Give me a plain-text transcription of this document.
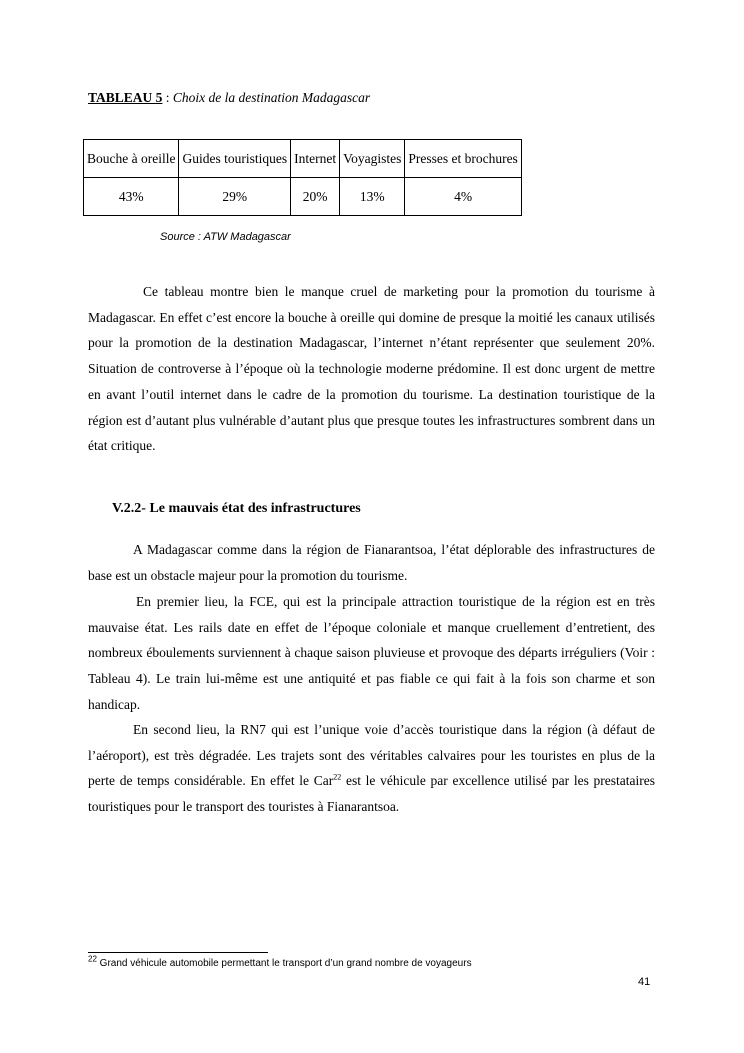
TABLEAU 5 : Choix de la destination Madagascar
Bouche à oreille	Guides touristiques	Internet	Voyagistes	Presses et brochures
43%	29%	20%	13%	4%
Source : ATW Madagascar

Ce tableau montre bien le manque cruel de marketing pour la promotion du tourisme à Madagascar. En effet c’est encore la bouche à oreille qui domine de presque la moitié les canaux utilisés pour la promotion de la destination Madagascar, l’internet n’étant représenter que seulement 20%. Situation de controverse à l’époque où la technologie moderne prédomine. Il est donc urgent de mettre en avant l’outil internet dans le cadre de la promotion du tourisme. La destination touristique de la région est d’autant plus vulnérable d’autant plus que presque toutes les infrastructures sombrent dans un état critique.

V.2.2- Le mauvais état des infrastructures

A Madagascar comme dans la région de Fianarantsoa, l’état déplorable des infrastructures de base est un obstacle majeur pour la promotion du tourisme.

En premier lieu, la FCE, qui est la principale attraction touristique de la région est en très mauvaise état. Les rails date en effet de l’époque coloniale et manque cruellement d’entretient, des nombreux éboulements surviennent à chaque saison pluvieuse et provoque des départs irréguliers (Voir : Tableau 4). Le train lui-même est une antiquité et pas fiable ce qui fait à la fois son charme et son handicap.

En second lieu, la RN7 qui est l’unique voie d’accès touristique dans la région (à défaut de l’aéroport), est très dégradée. Les trajets sont des véritables calvaires pour les touristes en plus de la perte de temps considérable. En effet le Car$^{22}$ est le véhicule par excellence utilisé par les prestataires touristiques pour le transport des touristes à Fianarantsoa.

$^{22}$ Grand véhicule automobile permettant le transport d’un grand nombre de voyageurs
41
